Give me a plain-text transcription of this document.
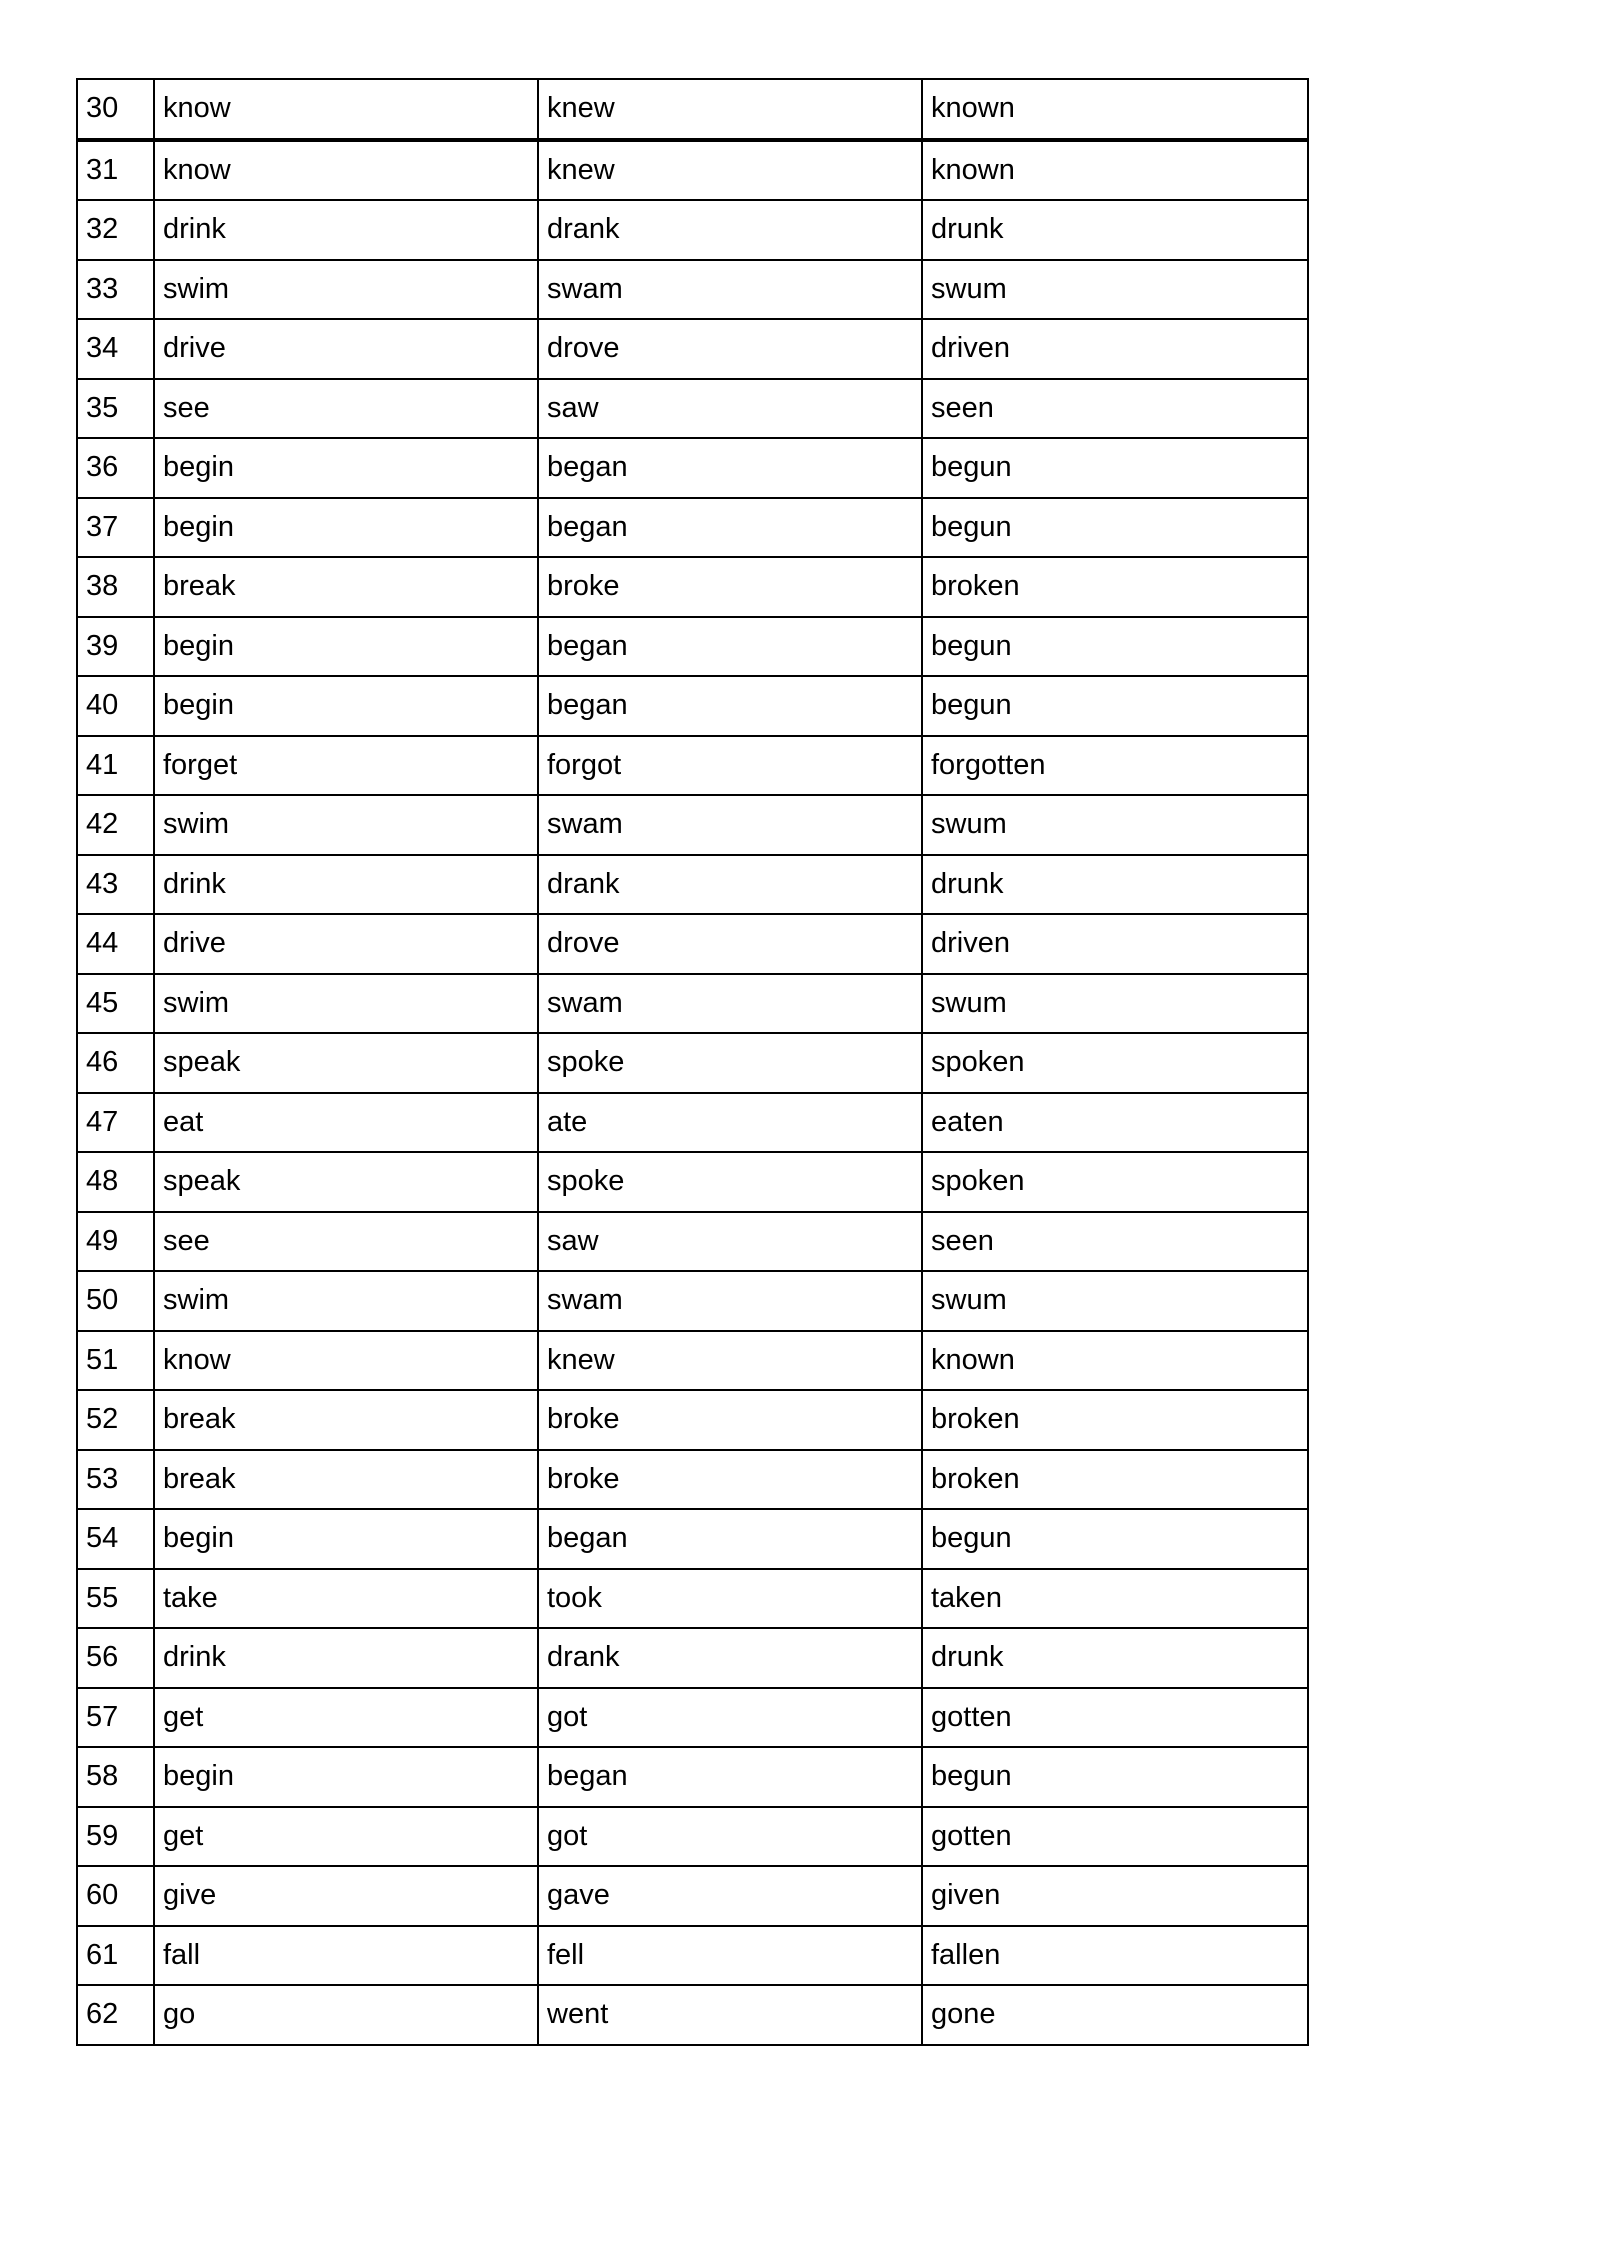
30	know	knew	known
31	know	knew	known
32	drink	drank	drunk
33	swim	swam	swum
34	drive	drove	driven
35	see	saw	seen
36	begin	began	begun
37	begin	began	begun
38	break	broke	broken
39	begin	began	begun
40	begin	began	begun
41	forget	forgot	forgotten
42	swim	swam	swum
43	drink	drank	drunk
44	drive	drove	driven
45	swim	swam	swum
46	speak	spoke	spoken
47	eat	ate	eaten
48	speak	spoke	spoken
49	see	saw	seen
50	swim	swam	swum
51	know	knew	known
52	break	broke	broken
53	break	broke	broken
54	begin	began	begun
55	take	took	taken
56	drink	drank	drunk
57	get	got	gotten
58	begin	began	begun
59	get	got	gotten
60	give	gave	given
61	fall	fell	fallen
62	go	went	gone
